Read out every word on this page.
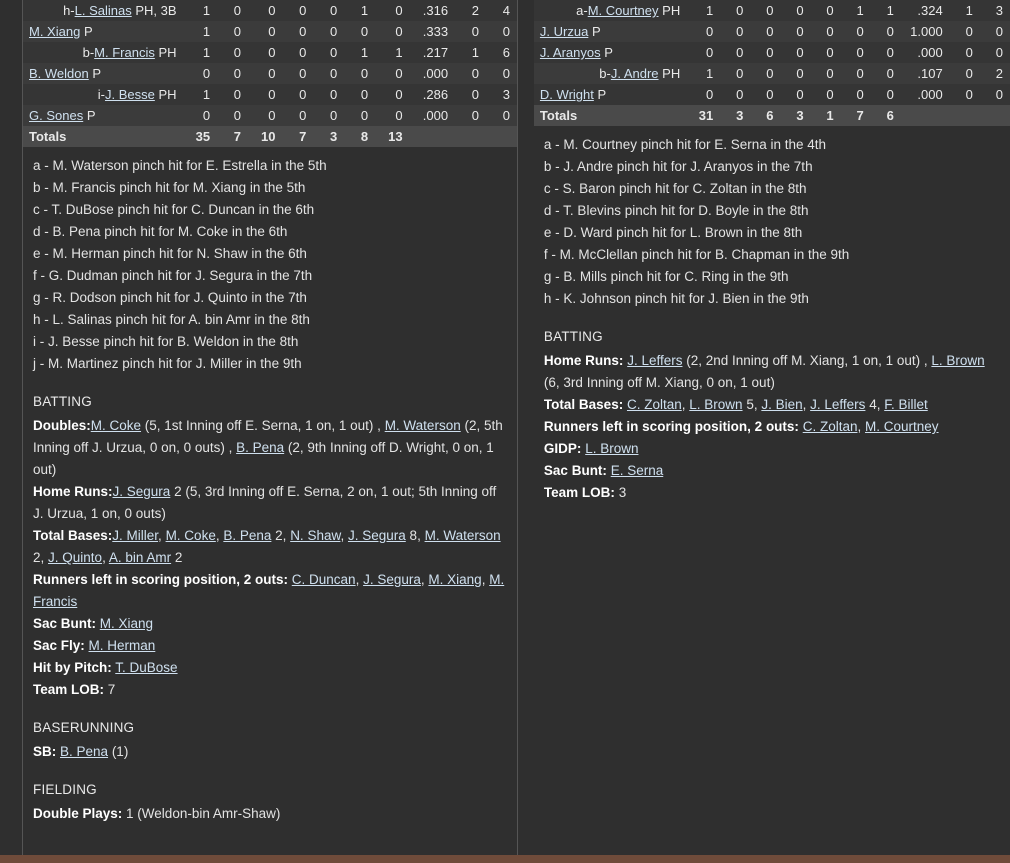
h-L. Salinas PH, 3B	1	0	0	0	0	1	0	.316	2	4
M. Xiang P	1	0	0	0	0	0	0	.333	0	0
b-M. Francis PH	1	0	0	0	0	1	1	.217	1	6
B. Weldon P	0	0	0	0	0	0	0	.000	0	0
i-J. Besse PH	1	0	0	0	0	0	0	.286	0	3
G. Sones P	0	0	0	0	0	0	0	.000	0	0
Totals	35	7	10	7	3	8	13			
a - M. Waterson pinch hit for E. Estrella in the 5th
b - M. Francis pinch hit for M. Xiang in the 5th
c - T. DuBose pinch hit for C. Duncan in the 6th
d - B. Pena pinch hit for M. Coke in the 6th
e - M. Herman pinch hit for N. Shaw in the 6th
f - G. Dudman pinch hit for J. Segura in the 7th
g - R. Dodson pinch hit for J. Quinto in the 7th
h - L. Salinas pinch hit for A. bin Amr in the 8th
i - J. Besse pinch hit for B. Weldon in the 8th
j - M. Martinez pinch hit for J. Miller in the 9th
BATTING

Doubles:M. Coke (5, 1st Inning off E. Serna, 1 on, 1 out) , M. Waterson (2, 5th Inning off J. Urzua, 0 on, 0 outs) , B. Pena (2, 9th Inning off D. Wright, 0 on, 1 out)

Home Runs:J. Segura 2 (5, 3rd Inning off E. Serna, 2 on, 1 out; 5th Inning off J. Urzua, 1 on, 0 outs)

Total Bases:J. Miller, M. Coke, B. Pena 2, N. Shaw, J. Segura 8, M. Waterson 2, J. Quinto, A. bin Amr 2

Runners left in scoring position, 2 outs: C. Duncan, J. Segura, M. Xiang, M. Francis

Sac Bunt: M. Xiang

Sac Fly: M. Herman

Hit by Pitch: T. DuBose

Team LOB: 7

BASERUNNING

SB: B. Pena (1)

FIELDING

Double Plays: 1 (Weldon-bin Amr-Shaw)

a-M. Courtney PH	1	0	0	0	0	1	1	.324	1	3
J. Urzua P	0	0	0	0	0	0	0	1.000	0	0
J. Aranyos P	0	0	0	0	0	0	0	.000	0	0
b-J. Andre PH	1	0	0	0	0	0	0	.107	0	2
D. Wright P	0	0	0	0	0	0	0	.000	0	0
Totals	31	3	6	3	1	7	6			
a - M. Courtney pinch hit for E. Serna in the 4th
b - J. Andre pinch hit for J. Aranyos in the 7th
c - S. Baron pinch hit for C. Zoltan in the 8th
d - T. Blevins pinch hit for D. Boyle in the 8th
e - D. Ward pinch hit for L. Brown in the 8th
f - M. McClellan pinch hit for B. Chapman in the 9th
g - B. Mills pinch hit for C. Ring in the 9th
h - K. Johnson pinch hit for J. Bien in the 9th
BATTING

Home Runs: J. Leffers (2, 2nd Inning off M. Xiang, 1 on, 1 out) , L. Brown (6, 3rd Inning off M. Xiang, 0 on, 1 out)

Total Bases: C. Zoltan, L. Brown 5, J. Bien, J. Leffers 4, F. Billet

Runners left in scoring position, 2 outs: C. Zoltan, M. Courtney

GIDP: L. Brown

Sac Bunt: E. Serna

Team LOB: 3
